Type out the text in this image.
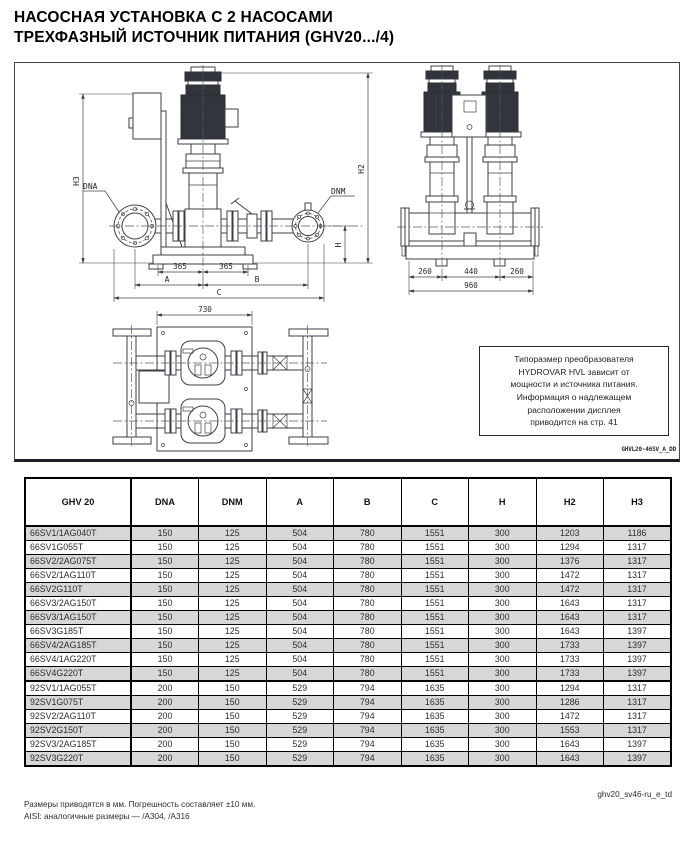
НАСОСНАЯ УСТАНОВКА С 2 НАСОСАМИ
ТРЕХФАЗНЫЙ ИСТОЧНИК ПИТАНИЯ (GHV20.../4)
DNA
DNM
H3
H2
H
365	365
A	B
C
260	440	260
960
730
Типоразмер преобразователя
HYDROVAR HVL зависит от
мощности и источника питания.
Информация о надлежащем
расположении дисплея
приводится на стр. 41
GHVL20-46SV_A_DD
GHV 20	DNA	DNM	A	B	C	H	H2	H3
66SV1/1AG040T	150	125	504	780	1551	300	1203	1186
66SV1G055T	150	125	504	780	1551	300	1294	1317
66SV2/2AG075T	150	125	504	780	1551	300	1376	1317
66SV2/1AG110T	150	125	504	780	1551	300	1472	1317
66SV2G110T	150	125	504	780	1551	300	1472	1317
66SV3/2AG150T	150	125	504	780	1551	300	1643	1317
66SV3/1AG150T	150	125	504	780	1551	300	1643	1317
66SV3G185T	150	125	504	780	1551	300	1643	1397
66SV4/2AG185T	150	125	504	780	1551	300	1733	1397
66SV4/1AG220T	150	125	504	780	1551	300	1733	1397
66SV4G220T	150	125	504	780	1551	300	1733	1397
92SV1/1AG055T	200	150	529	794	1635	300	1294	1317
92SV1G075T	200	150	529	794	1635	300	1286	1317
92SV2/2AG110T	200	150	529	794	1635	300	1472	1317
92SV2G150T	200	150	529	794	1635	300	1553	1317
92SV3/2AG185T	200	150	529	794	1635	300	1643	1397
92SV3G220T	200	150	529	794	1635	300	1643	1397
ghv20_sv46-ru_e_td
Размеры приводятся в мм. Погрешность составляет ±10 мм.
AISI: аналогичные размеры — /А304, /А316
